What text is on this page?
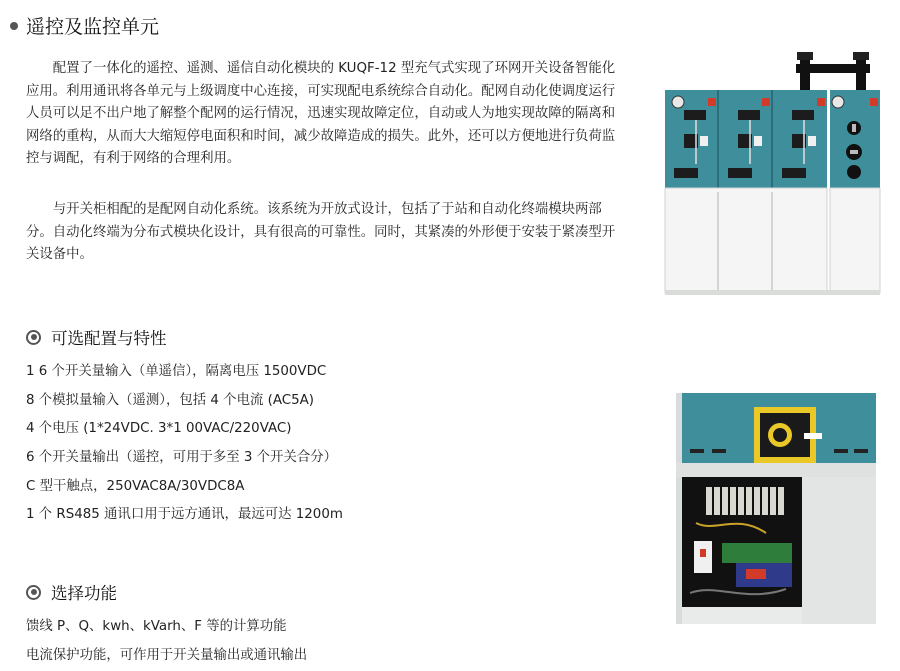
遥控及监控单元

配置了一体化的遥控、遥测、遥信自动化模块的 KUQF-12 型充气式实现了环网开关设备智能化应用。利用通讯将各单元与上级调度中心连接，可实现配电系统综合自动化。配网自动化使调度运行人员可以足不出户地了解整个配网的运行情况，迅速实现故障定位，自动或人为地实现故障的隔离和网络的重构，从而大大缩短停电面积和时间，减少故障造成的损失。此外，还可以方便地进行负荷监控与调配，有利于网络的合理利用。

与开关柜相配的是配网自动化系统。该系统为开放式设计，包括了于站和自动化终端模块两部分。自动化终端为分布式模块化设计，具有很高的可靠性。同时，其紧凑的外形便于安装于紧凑型开关设备中。

可选配置与特性
1 6 个开关量输入（单遥信），隔离电压 1500VDC
8 个模拟量输入（遥测），包括 4 个电流 (AC5A)
4 个电压 (1*24VDC. 3*1 00VAC/220VAC)
6 个开关量输出（遥控，可用于多至 3 个开关合分）
C 型干触点，250VAC8A/30VDC8A
1 个 RS485 通讯口用于远方通讯，最远可达 1200m
选择功能
馈线 P、Q、kwh、kVarh、F 等的计算功能
电流保护功能，可作用于开关量输出或通讯输出
